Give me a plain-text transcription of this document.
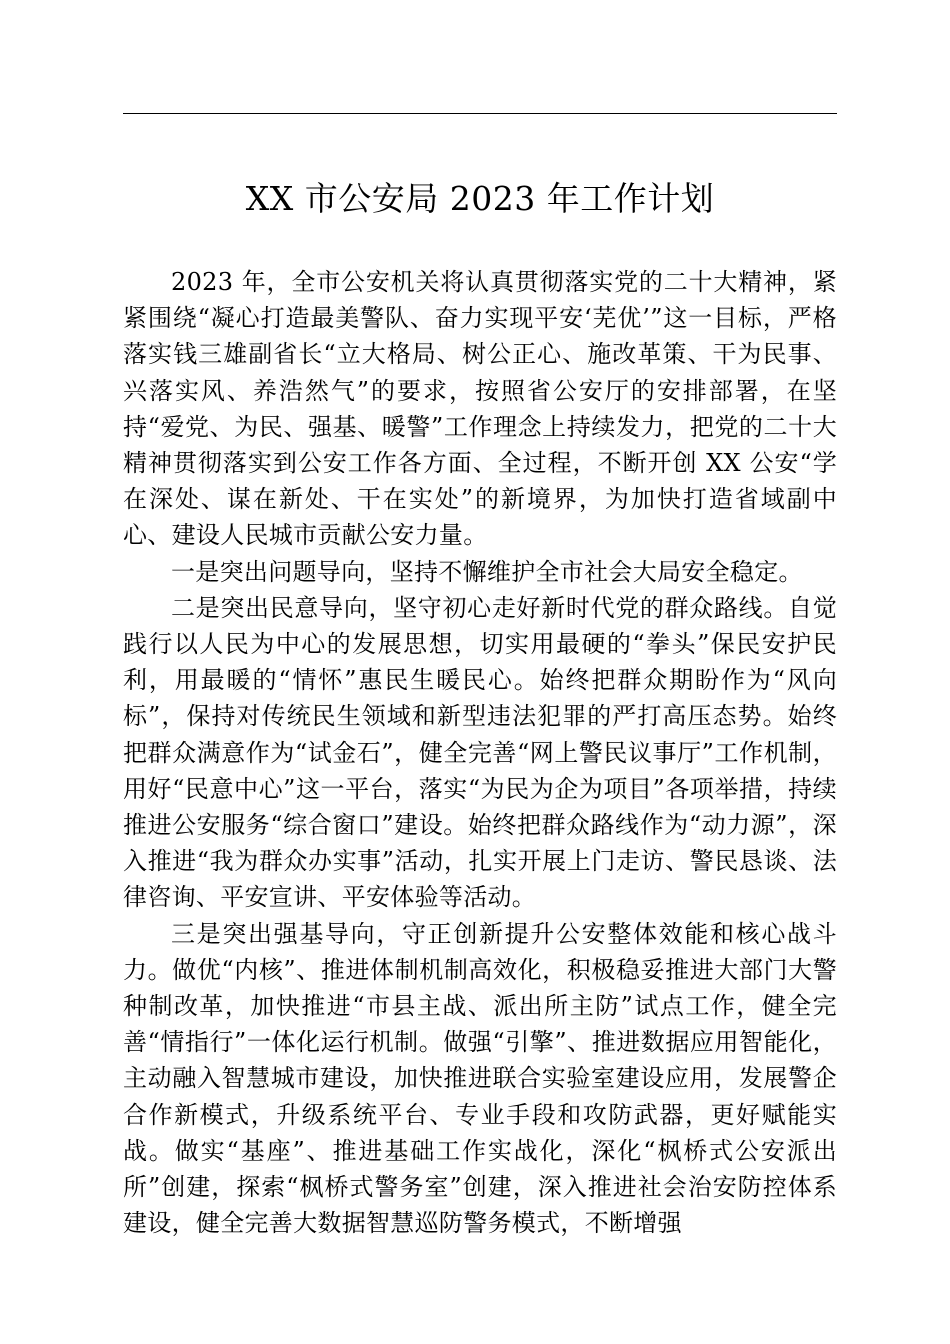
XX 市公安局 2023 年工作计划

2023 年，全市公安机关将认真贯彻落实党的二十大精神，紧紧围绕“凝心打造最美警队、奋力实现平安‘芜优’”这一目标，严格落实钱三雄副省长“立大格局、树公正心、施改革策、干为民事、兴落实风、养浩然气”的要求，按照省公安厅的安排部署，在坚持“爱党、为民、强基、暖警”工作理念上持续发力，把党的二十大精神贯彻落实到公安工作各方面、全过程，不断开创 XX 公安“学在深处、谋在新处、干在实处”的新境界，为加快打造省域副中心、建设人民城市贡献公安力量。

一是突出问题导向，坚持不懈维护全市社会大局安全稳定。

二是突出民意导向，坚守初心走好新时代党的群众路线。自觉践行以人民为中心的发展思想，切实用最硬的“拳头”保民安护民利，用最暖的“情怀”惠民生暖民心。始终把群众期盼作为“风向标”，保持对传统民生领域和新型违法犯罪的严打高压态势。始终把群众满意作为“试金石”，健全完善“网上警民议事厅”工作机制，用好“民意中心”这一平台，落实“为民为企为项目”各项举措，持续推进公安服务“综合窗口”建设。始终把群众路线作为“动力源”，深入推进“我为群众办实事”活动，扎实开展上门走访、警民恳谈、法律咨询、平安宣讲、平安体验等活动。

三是突出强基导向，守正创新提升公安整体效能和核心战斗力。做优“内核”、推进体制机制高效化，积极稳妥推进大部门大警种制改革，加快推进“市县主战、派出所主防”试点工作，健全完善“情指行”一体化运行机制。做强“引擎”、推进数据应用智能化，主动融入智慧城市建设，加快推进联合实验室建设应用，发展警企合作新模式，升级系统平台、专业手段和攻防武器，更好赋能实战。做实“基座”、推进基础工作实战化，深化“枫桥式公安派出所”创建，探索“枫桥式警务室”创建，深入推进社会治安防控体系建设，健全完善大数据智慧巡防警务模式，不断增强
